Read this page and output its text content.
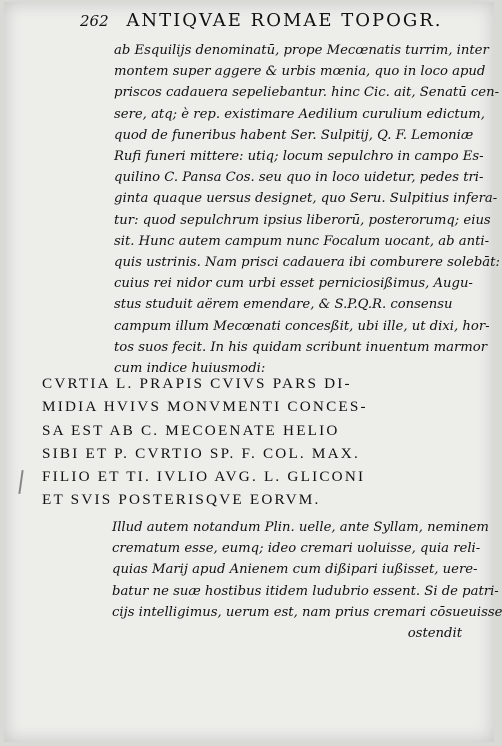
262 ANTIQVAE ROMAE TOPOGR.
ab Esquilijs denominatū, prope Mecœnatis turrim, inter
montem super aggere & urbis mœnia, quo in loco apud
priscos cadauera sepeliebantur. hinc Cic. ait, Senatū cen-
sere, atq; è rep. existimare Aedilium curulium edictum,
quod de funeribus habent Ser. Sulpitij, Q. F. Lemoniæ
Rufi funeri mittere: utiq; locum sepulchro in campo Es-
quilino C. Pansa Cos. seu quo in loco uidetur, pedes tri-
ginta quaque uersus designet, quo Seru. Sulpitius infera-
tur: quod sepulchrum ipsius liberorū, posterorumq; eius
sit. Hunc autem campum nunc Focalum uocant, ab anti-
quis ustrinis. Nam prisci cadauera ibi comburere solebāt:
cuius rei nidor cum urbi esset perniciosißimus, Augu-
stus studuit aërem emendare, & S.P.Q.R. consensu
campum illum Mecœnati concesßit, ubi ille, ut dixi, hor-
tos suos fecit. In his quidam scribunt inuentum marmor
cum indice huiusmodi:
CVRTIA L. PRAPIS CVIVS PARS DI-
MIDIA HVIVS MONVMENTI CONCES-
SA EST AB C. MECOENATE HELIO
SIBI ET P. CVRTIO SP. F. COL. MAX.
FILIO ET TI. IVLIO AVG. L. GLICONI
ET SVIS POSTERISQVE EORVM.
Illud autem notandum Plin. uelle, ante Syllam, neminem
crematum esse, eumq; ideo cremari uoluisse, quia reli-
quias Marij apud Anienem cum dißipari iußisset, uere-
batur ne suæ hostibus itidem ludubrio essent. Si de patri-
cijs intelligimus, uerum est, nam prius cremari cōsueuisse
ostendit
